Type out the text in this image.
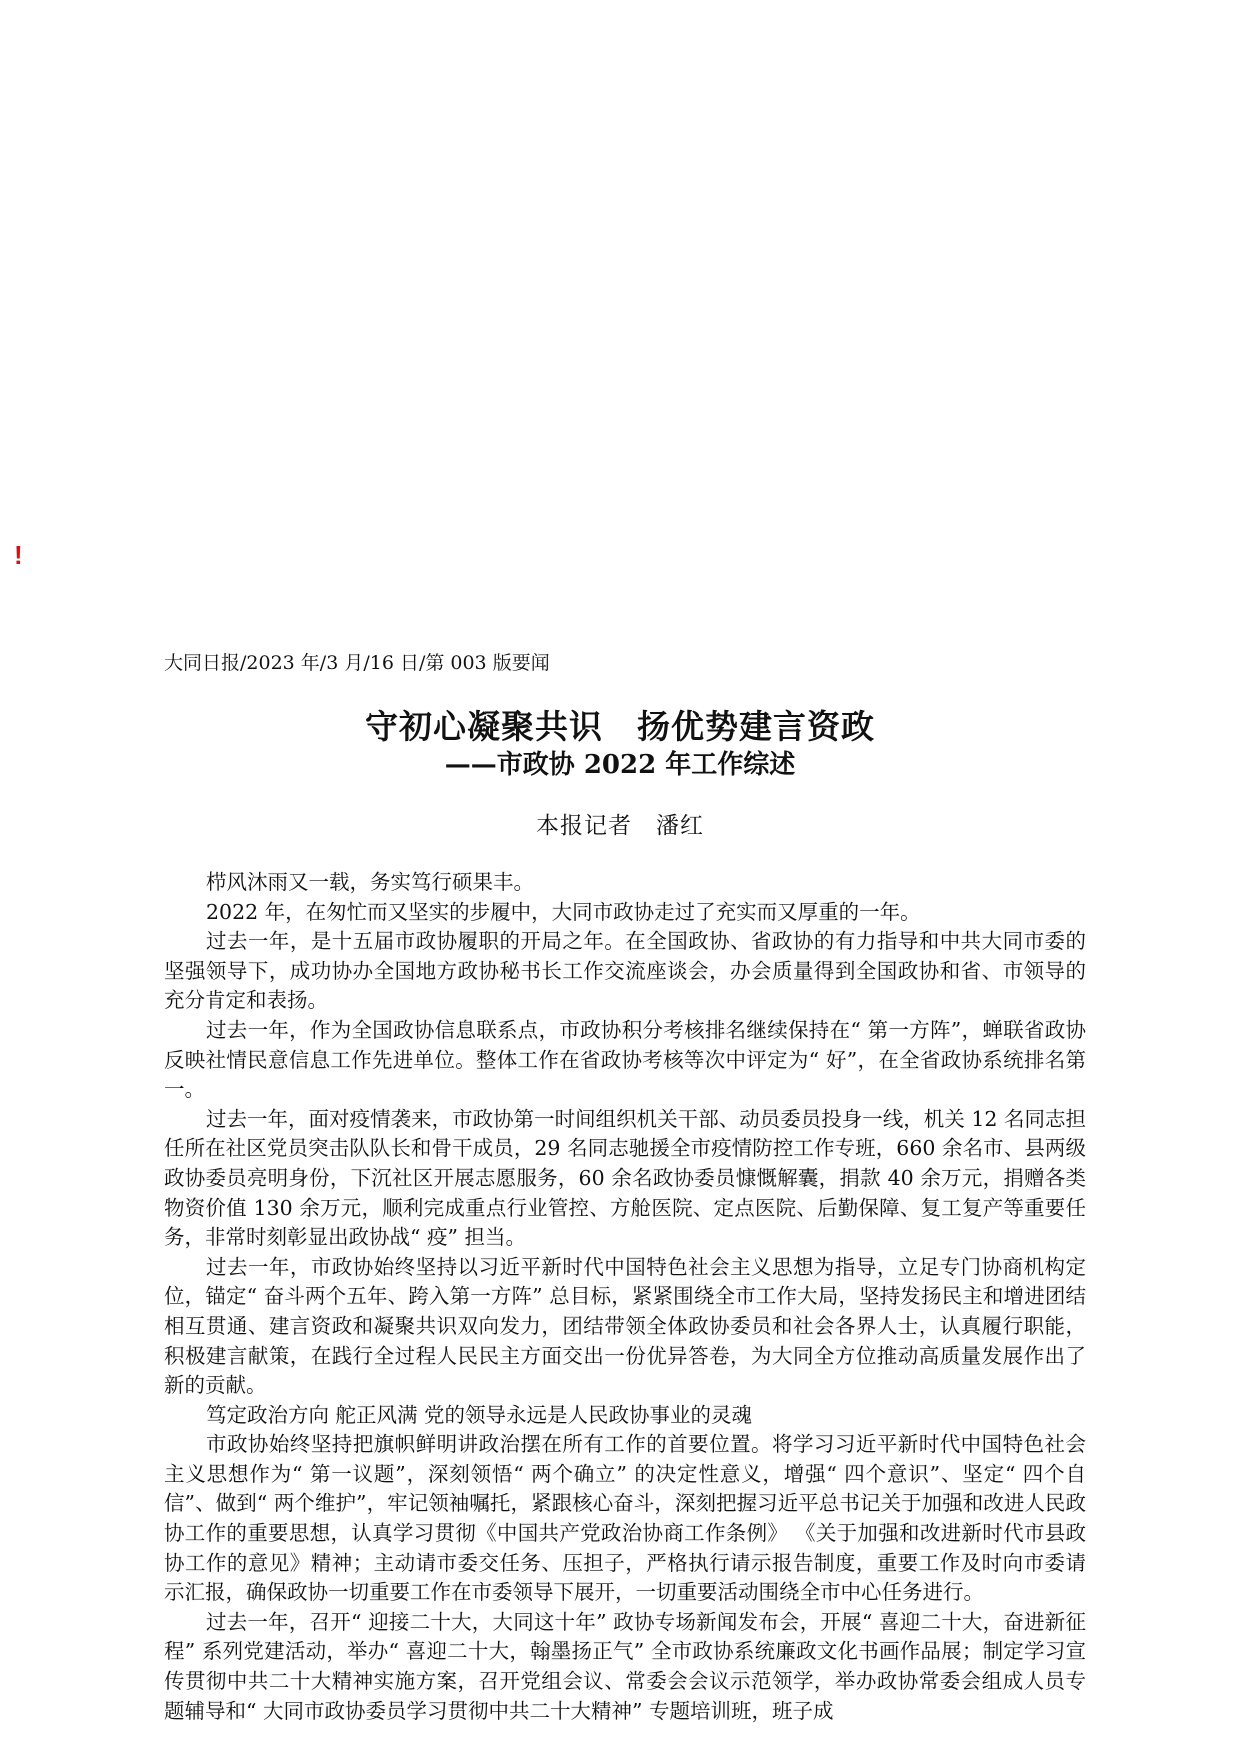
!
大同日报/2023 年/3 月/16 日/第 003 版要闻
守初心凝聚共识　扬优势建言资政
——市政协 2022 年工作综述
本报记者　潘红

栉风沐雨又一载，务实笃行硕果丰。

2022 年，在匆忙而又坚实的步履中，大同市政协走过了充实而又厚重的一年。

过去一年，是十五届市政协履职的开局之年。在全国政协、省政协的有力指导和中共大同市委的坚强领导下，成功协办全国地方政协秘书长工作交流座谈会，办会质量得到全国政协和省、市领导的充分肯定和表扬。

过去一年，作为全国政协信息联系点，市政协积分考核排名继续保持在“ 第一方阵”，蝉联省政协反映社情民意信息工作先进单位。整体工作在省政协考核等次中评定为“ 好”，在全省政协系统排名第一。

过去一年，面对疫情袭来，市政协第一时间组织机关干部、动员委员投身一线，机关 12 名同志担任所在社区党员突击队队长和骨干成员，29 名同志驰援全市疫情防控工作专班，660 余名市、县两级政协委员亮明身份，下沉社区开展志愿服务，60 余名政协委员慷慨解囊，捐款 40 余万元，捐赠各类物资价值 130 余万元，顺利完成重点行业管控、方舱医院、定点医院、后勤保障、复工复产等重要任务，非常时刻彰显出政协战“ 疫” 担当。

过去一年，市政协始终坚持以习近平新时代中国特色社会主义思想为指导，立足专门协商机构定位，锚定“ 奋斗两个五年、跨入第一方阵” 总目标，紧紧围绕全市工作大局，坚持发扬民主和增进团结相互贯通、建言资政和凝聚共识双向发力，团结带领全体政协委员和社会各界人士，认真履行职能，积极建言献策，在践行全过程人民民主方面交出一份优异答卷，为大同全方位推动高质量发展作出了新的贡献。

笃定政治方向 舵正风满 党的领导永远是人民政协事业的灵魂

市政协始终坚持把旗帜鲜明讲政治摆在所有工作的首要位置。将学习习近平新时代中国特色社会主义思想作为“ 第一议题”，深刻领悟“ 两个确立” 的决定性意义，增强“ 四个意识”、坚定“ 四个自信”、做到“ 两个维护”，牢记领袖嘱托，紧跟核心奋斗，深刻把握习近平总书记关于加强和改进人民政协工作的重要思想，认真学习贯彻《中国共产党政治协商工作条例》 《关于加强和改进新时代市县政协工作的意见》精神；主动请市委交任务、压担子，严格执行请示报告制度，重要工作及时向市委请示汇报，确保政协一切重要工作在市委领导下展开，一切重要活动围绕全市中心任务进行。

过去一年，召开“ 迎接二十大，大同这十年” 政协专场新闻发布会，开展“ 喜迎二十大，奋进新征程” 系列党建活动，举办“ 喜迎二十大，翰墨扬正气” 全市政协系统廉政文化书画作品展；制定学习宣传贯彻中共二十大精神实施方案，召开党组会议、常委会会议示范领学，举办政协常委会组成人员专题辅导和“ 大同市政协委员学习贯彻中共二十大精神” 专题培训班，班子成
